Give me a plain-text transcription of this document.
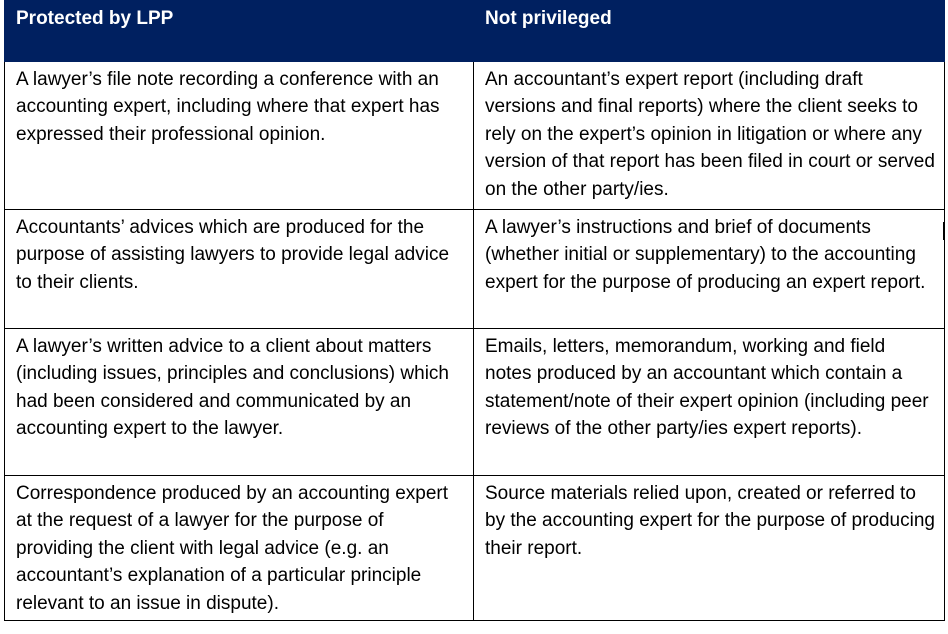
Protected by LPP	Not privileged
A lawyer’s file note recording a conference with an accounting expert, including where that expert has expressed their professional opinion.	An accountant’s expert report (including draft versions and final reports) where the client seeks to rely on the expert’s opinion in litigation or where any version of that report has been filed in court or served on the other party/ies.
Accountants’ advices which are produced for the purpose of assisting lawyers to provide legal advice to their clients.	A lawyer’s instructions and brief of documents (whether initial or supplementary) to the accounting expert for the purpose of producing an expert report.
A lawyer’s written advice to a client about matters (including issues, principles and conclusions) which had been considered and communicated by an accounting expert to the lawyer.	Emails, letters, memorandum, working and field notes produced by an accountant which contain a statement/note of their expert opinion (including peer reviews of the other party/ies expert reports).
Correspondence produced by an accounting expert at the request of a lawyer for the purpose of providing the client with legal advice (e.g. an accountant’s explanation of a particular principle relevant to an issue in dispute).	Source materials relied upon, created or referred to by the accounting expert for the purpose of producing their report.
